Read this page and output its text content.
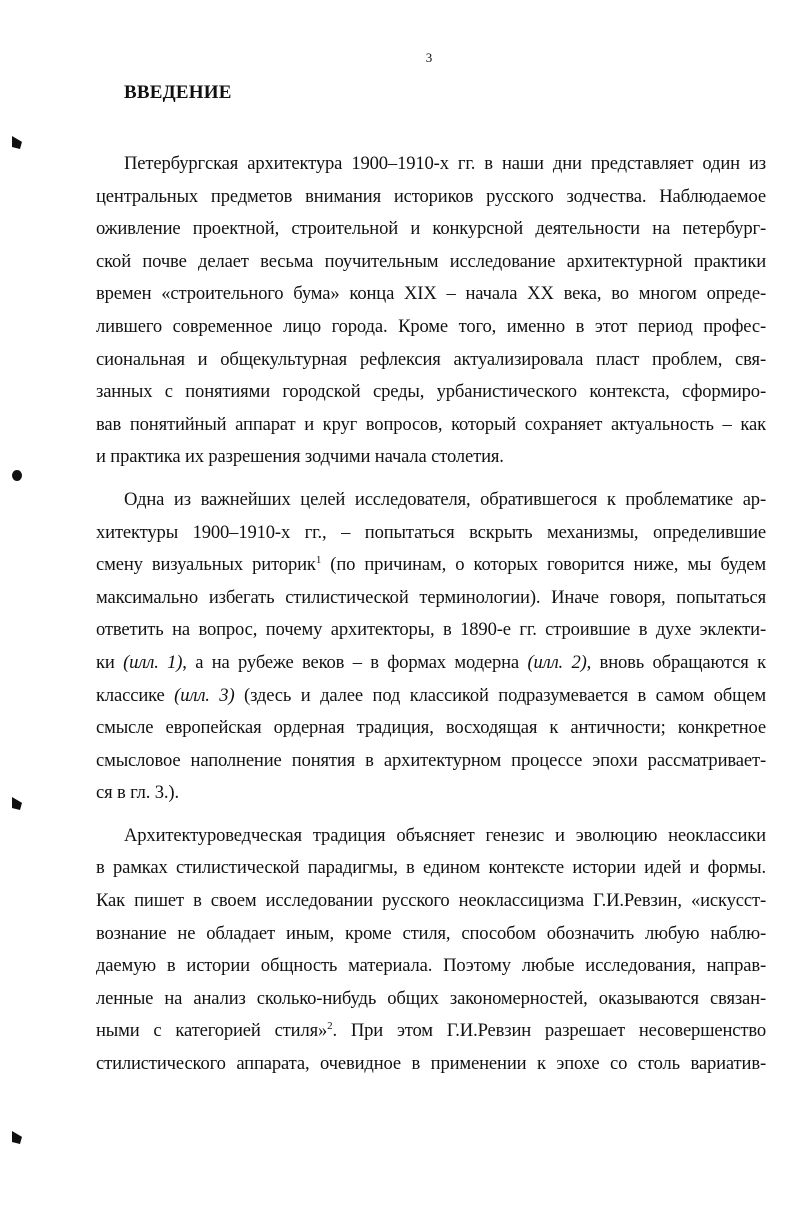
3

ВВЕДЕНИЕ

Петербургская архитектура 1900–1910-х гг. в наши дни представляет один из
центральных предметов внимания историков русского зодчества. Наблюдаемое
оживление проектной, строительной и конкурсной деятельности на петербург-
ской почве делает весьма поучительным исследование архитектурной практики
времен «строительного бума» конца XIX – начала XX века, во многом опреде-
лившего современное лицо города. Кроме того, именно в этот период профес-
сиональная и общекультурная рефлексия актуализировала пласт проблем, свя-
занных с понятиями городской среды, урбанистического контекста, сформиро-
вав понятийный аппарат и круг вопросов, который сохраняет актуальность – как
и практика их разрешения зодчими начала столетия.

Одна из важнейших целей исследователя, обратившегося к проблематике ар-
хитектуры 1900–1910-х гг., – попытаться вскрыть механизмы, определившие
смену визуальных риторик$^1$ (по причинам, о которых говорится ниже, мы будем
максимально избегать стилистической терминологии). Иначе говоря, попытаться
ответить на вопрос, почему архитекторы, в 1890-е гг. строившие в духе эклекти-
ки (илл. 1), а на рубеже веков – в формах модерна (илл. 2), вновь обращаются к
классике (илл. 3) (здесь и далее под классикой подразумевается в самом общем
смысле европейская ордерная традиция, восходящая к античности; конкретное
смысловое наполнение понятия в архитектурном процессе эпохи рассматривает-
ся в гл. 3.).

Архитектуроведческая традиция объясняет генезис и эволюцию неоклассики
в рамках стилистической парадигмы, в едином контексте истории идей и формы.
Как пишет в своем исследовании русского неоклассицизма Г.И.Ревзин, «искусст-
вознание не обладает иным, кроме стиля, способом обозначить любую наблю-
даемую в истории общность материала. Поэтому любые исследования, направ-
ленные на анализ сколько-нибудь общих закономерностей, оказываются связан-
ными с категорией стиля»$^2$. При этом Г.И.Ревзин разрешает несовершенство
стилистического аппарата, очевидное в применении к эпохе со столь вариатив-
